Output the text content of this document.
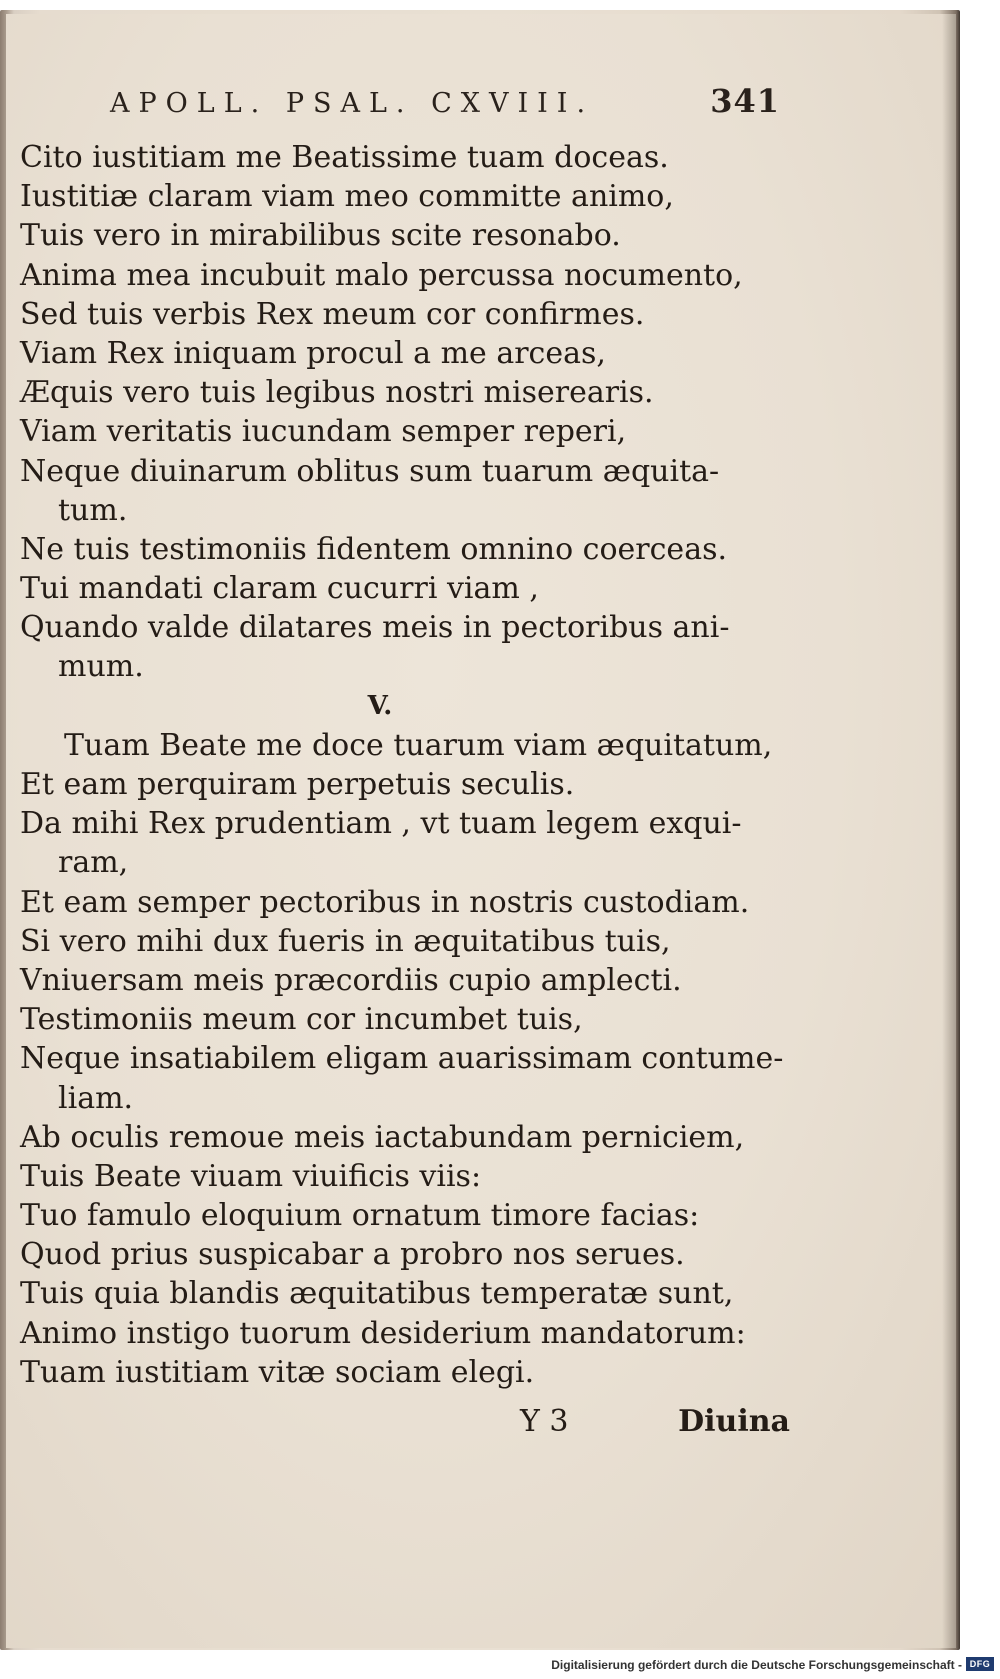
APOLL. PSAL. CXVIII.	341
Cito iustitiam me Beatissime tuam doceas.
Iustitiæ claram viam meo committe animo,
Tuis vero in mirabilibus scite resonabo.
Anima mea incubuit malo percussa nocumento,
Sed tuis verbis Rex meum cor confirmes.
Viam Rex iniquam procul a me arceas,
Æquis vero tuis legibus nostri miserearis.
Viam veritatis iucundam semper reperi,
Neque diuinarum oblitus sum tuarum æquita-
tum.
Ne tuis testimoniis fidentem omnino coerceas.
Tui mandati claram cucurri viam ,
Quando valde dilatares meis in pectoribus ani-
mum.
V.
Tuam Beate me doce tuarum viam æquitatum,
Et eam perquiram perpetuis seculis.
Da mihi Rex prudentiam , vt tuam legem exqui-
ram,
Et eam semper pectoribus in nostris custodiam.
Si vero mihi dux fueris in æquitatibus tuis,
Vniuersam meis præcordiis cupio amplecti.
Testimoniis meum cor incumbet tuis,
Neque insatiabilem eligam auarissimam contume-
liam.
Ab oculis remoue meis iactabundam perniciem,
Tuis Beate viuam viuificis viis:
Tuo famulo eloquium ornatum timore facias:
Quod prius suspicabar a probro nos serues.
Tuis quia blandis æquitatibus temperatæ sunt,
Animo instigo tuorum desiderium mandatorum:
Tuam iustitiam vitæ sociam elegi.
Y 3	Diuina
Digitalisierung gefördert durch die Deutsche Forschungsgemeinschaft - DFG
